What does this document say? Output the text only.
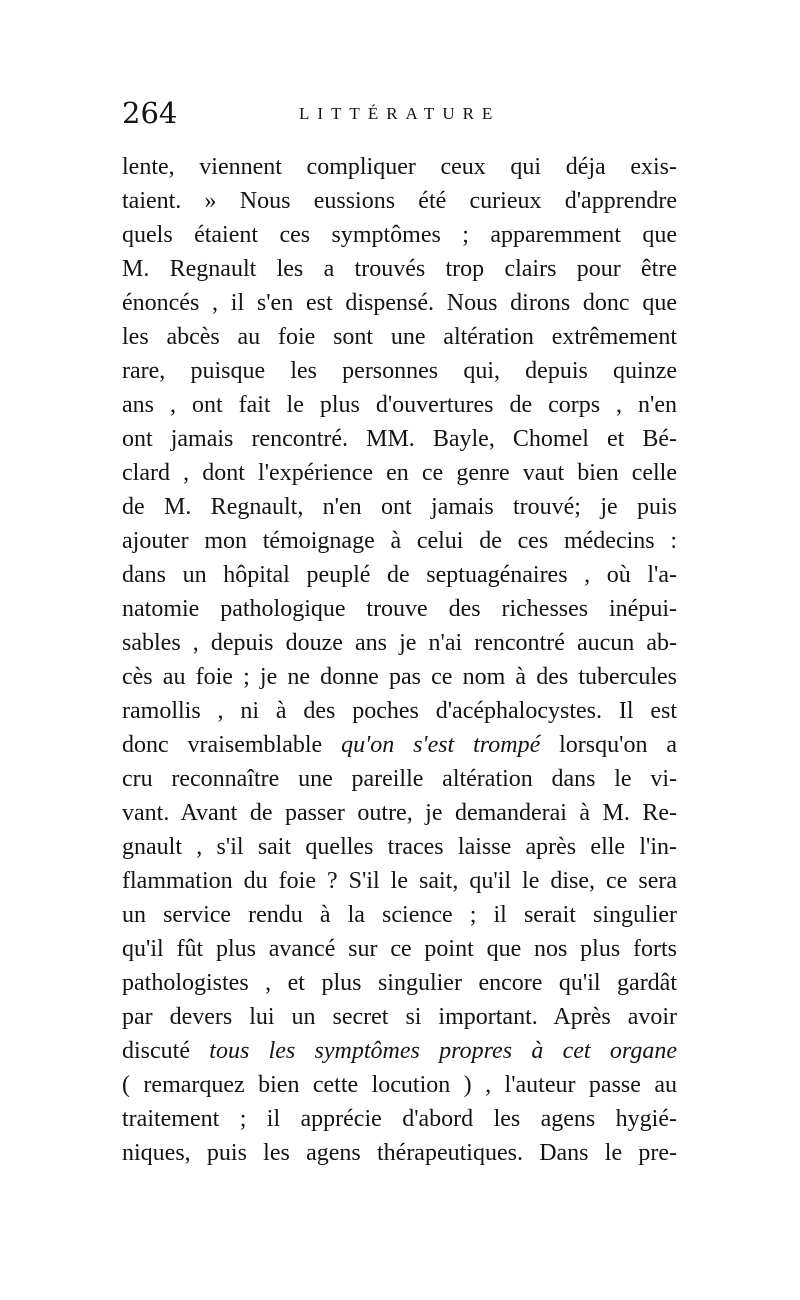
264	LITTÉRATURE
lente, viennent compliquer ceux qui déja exis-
taient. » Nous eussions été curieux d'apprendre
quels étaient ces symptômes ; apparemment que
M. Regnault les a trouvés trop clairs pour être
énoncés , il s'en est dispensé. Nous dirons donc que
les abcès au foie sont une altération extrêmement
rare, puisque les personnes qui, depuis quinze
ans , ont fait le plus d'ouvertures de corps , n'en
ont jamais rencontré. MM. Bayle, Chomel et Bé-
clard , dont l'expérience en ce genre vaut bien celle
de M. Regnault, n'en ont jamais trouvé; je puis
ajouter mon témoignage à celui de ces médecins :
dans un hôpital peuplé de septuagénaires , où l'a-
natomie pathologique trouve des richesses inépui-
sables , depuis douze ans je n'ai rencontré aucun ab-
cès au foie ; je ne donne pas ce nom à des tubercules
ramollis , ni à des poches d'acéphalocystes. Il est
donc vraisemblable qu'on s'est trompé lorsqu'on a
cru reconnaître une pareille altération dans le vi-
vant. Avant de passer outre, je demanderai à M. Re-
gnault , s'il sait quelles traces laisse après elle l'in-
flammation du foie ? S'il le sait, qu'il le dise, ce sera
un service rendu à la science ; il serait singulier
qu'il fût plus avancé sur ce point que nos plus forts
pathologistes , et plus singulier encore qu'il gardât
par devers lui un secret si important. Après avoir
discuté tous les symptômes propres à cet organe
( remarquez bien cette locution ) , l'auteur passe au
traitement ; il apprécie d'abord les agens hygié-
niques, puis les agens thérapeutiques. Dans le pre-
